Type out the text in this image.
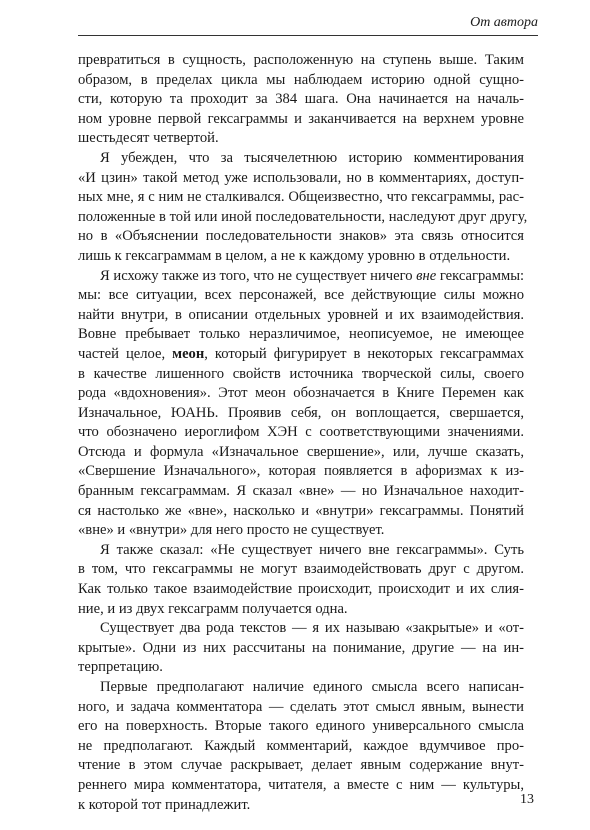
От автора
превратиться в сущность, расположенную на ступень выше. Таким
образом, в пределах цикла мы наблюдаем историю одной сущно-
сти, которую та проходит за 384 шага. Она начинается на началь-
ном уровне первой гексаграммы и заканчивается на верхнем уровне
шестьдесят четвертой.
Я убежден, что за тысячелетнюю историю комментирования
«И цзин» такой метод уже использовали, но в комментариях, доступ-
ных мне, я с ним не сталкивался. Общеизвестно, что гексаграммы, рас-
положенные в той или иной последовательности, наследуют друг другу,
но в «Объяснении последовательности знаков» эта связь относится
лишь к гексаграммам в целом, а не к каждому уровню в отдельности.
Я исхожу также из того, что не существует ничего вне гексаграммы:
мы: все ситуации, всех персонажей, все действующие силы можно
найти внутри, в описании отдельных уровней и их взаимодействия.
Вовне пребывает только неразличимое, неописуемое, не имеющее
частей целое, меон, который фигурирует в некоторых гексаграммах
в качестве лишенного свойств источника творческой силы, своего
рода «вдохновения». Этот меон обозначается в Книге Перемен как
Изначальное, ЮАНЬ. Проявив себя, он воплощается, свершается,
что обозначено иероглифом ХЭН с соответствующими значениями.
Отсюда и формула «Изначальное свершение», или, лучше сказать,
«Свершение Изначального», которая появляется в афоризмах к из-
бранным гексаграммам. Я сказал «вне» — но Изначальное находит-
ся настолько же «вне», насколько и «внутри» гексаграммы. Понятий
«вне» и «внутри» для него просто не существует.
Я также сказал: «Не существует ничего вне гексаграммы». Суть
в том, что гексаграммы не могут взаимодействовать друг с другом.
Как только такое взаимодействие происходит, происходит и их слия-
ние, и из двух гексаграмм получается одна.
Существует два рода текстов — я их называю «закрытые» и «от-
крытые». Одни из них рассчитаны на понимание, другие — на ин-
терпретацию.
Первые предполагают наличие единого смысла всего написан-
ного, и задача комментатора — сделать этот смысл явным, вынести
его на поверхность. Вторые такого единого универсального смысла
не предполагают. Каждый комментарий, каждое вдумчивое про-
чтение в этом случае раскрывает, делает явным содержание внут-
реннего мира комментатора, читателя, а вместе с ним — культуры,
к которой тот принадлежит.	13
